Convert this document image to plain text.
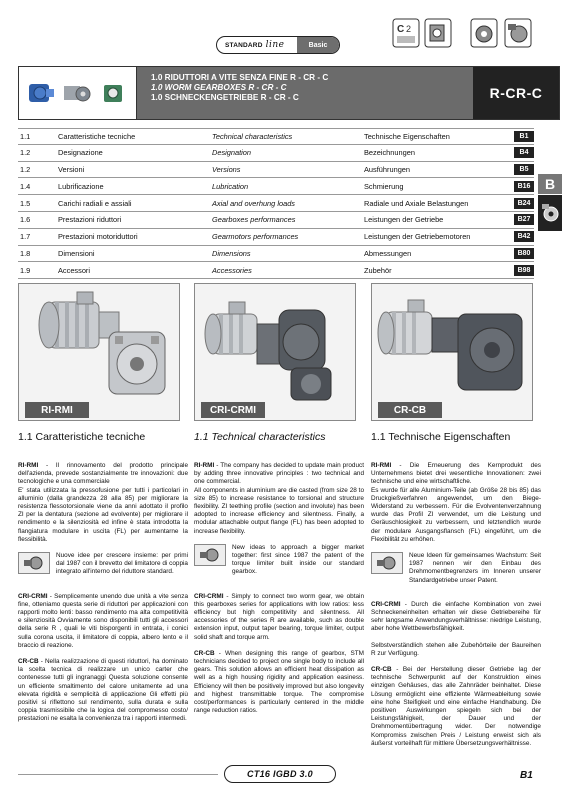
STANDARD line	Basic
C 2
1.0 RIDUTTORI A VITE SENZA FINE R - CR - C
1.0 WORM GEARBOXES R - CR - C
1.0 SCHNECKENGETRIEBE R - CR - C	R-CR-C
1.1	Caratteristiche tecniche	Technical characteristics	Technische Eigenschaften	B1
1.2	Designazione	Designation	Bezeichnungen	B4
1.2	Versioni	Versions	Ausführungen	B5
1.4	Lubrificazione	Lubrication	Schmierung	B16
1.5	Carichi radiali e assiali	Axial and overhung loads	Radiale und Axiale Belastungen	B24
1.6	Prestazioni riduttori	Gearboxes performances	Leistungen der Getriebe	B27
1.7	Prestazioni motoriduttori	Gearmotors performances	Leistungen der Getriebemotoren	B42
1.8	Dimensioni	Dimensions	Abmessungen	B80
1.9	Accessori	Accessories	Zubehör	B98
B
RI-RMI	CRI-CRMI	CR-CB
1.1 Caratteristiche tecniche	1.1 Technical characteristics	1.1 Technische Eigenschaften

RI-RMI - Il rinnovamento del prodotto principale dell'azienda, prevede sostanzialmente tre innovazioni: due tecnologiche e una commerciale
E' stata utilizzata la pressofusione per tutti i particolari in alluminio (dalla grandezza 28 alla 85) per migliorare la resistenza flessotorsionale viene da anni adottato il profilo ZI per la dentatura (sezione ad evolvente) per migliorare il rendimento e la silenziosità ed infine è stata introdotta la flangiatura modulare in uscita (FL) per aumentarne la flessibilità.

Nuove idee per crescere insieme: per primi dal 1987 con il brevetto del limitatore di coppia integrato all'interno del riduttore standard.

CRI-CRMI - Semplicemente unendo due unità a vite senza fine, otteniamo questa serie di riduttori per applicazioni con rapporti molto lenti: basso rendimento ma alta competitività e silenziosità Ovviamente sono disponibili tutti gli accessori della serie R , quali le viti bisporgenti in entrata, i conici sulla corona uscita, il limitatore di coppia, albero lento e il braccio di reazione.

CR-CB - Nella realizzazione di questi riduttori, ha dominato la scelta tecnica di realizzare un unico carter che contenesse tutti gli ingranaggi Questa soluzione consente un efficiente smaltimento del calore unitamente ad una elevata rigidità e semplicità di applicazione Gli effetti più positivi si riflettono sul rendimento, sulla durata e sulla coppia trasmissibile che la logica del compromesso costo/ prestazioni ne esalta la convenienza tra i rapporti intermedi.

RI-RMI - The company has decided to update main product by adding three innovative principles : two technical and one commercial.
All components in aluminium are die casted (from size 28 to size 85) to increase resistance to torsional and structure flexibility. ZI teething profile (section and involute) has been adopted to increase efficiency and silentness. Finally, a modular attachable output flange (FL) has been adopted to increase flexibility.

New ideas to approach a bigger market together: first since 1987 the patent of the torque limiter built inside our standard gearbox.

CRI-CRMI - Simply to connect two worm gear, we obtain this gearboxes series for applications with low ratios: less efficiency but high competitivity and silentness. All accessories of the series R are available, such as double extension input, output taper bearing, torque limiter, output solid shaft and torque arm.

CR-CB - When designing this range of gearbox, STM technicians decided to project one single body to include all gears. This solution allows an efficient heat dissipation as well as a high housing rigidity and application easiness. Efficiency will then be positively improved but also longevity and highest transmittable torque. The compromise cost/performances is particularly centered in the middle range reduction ratios.

RI-RMI - Die Erneuerung des Kernprodukt des Unternehmens bietet drei wesentliche Innovationen: zwei technische und eine wirtschaftliche.
Es wurde für alle Aluminium-Teile (ab Größe 28 bis 85) das Druckgießverfahren angewendet, um den Biege-Widerstand zu verbessern. Für die Evolventenverzahnung wurde das Profil ZI verwendet, um die Leistung und Geräuschlosigkeit zu verbessern, und letztendlich wurde der modulare Ausgangsflansch (FL) eingeführt, um die Flexibilität zu erhöhen.

Neue Ideen für gemeinsames Wachstum: Seit 1987 nennen wir den Einbau des Drehmomentbegrenzers im Inneren unserer Standardgetriebe unser Patent.

CRI-CRMI - Durch die einfache Kombination von zwei Schneckeneinheiten erhalten wir diese Getriebereihe für sehr langsame Anwendungsverhältnisse: niedrige Leistung, aber hohe Wettbewerbsfähigkeit.

Selbstverständlich stehen alle Zubehörteile der Baureihen R zur Verfügung.

CR-CB - Bei der Herstellung dieser Getriebe lag der technische Schwerpunkt auf der Konstruktion eines einzigen Gehäuses, das alle Zahnräder beinhaltet. Diese Lösung ermöglicht eine effiziente Wärmeableitung sowie eine hohe Steifigkeit und eine einfache Handhabung. Die positiven Auswirkungen spiegeln sich bei der Leistungsfähigkeit, der Dauer und der Drehmomentübertragung wider. Der notwendige Kompromiss zwischen Preis / Leistung erweist sich als äußerst vorteilhaft für mittlere Übersetzungsverhältnisse.

CT16 IGBD 3.0	B1
